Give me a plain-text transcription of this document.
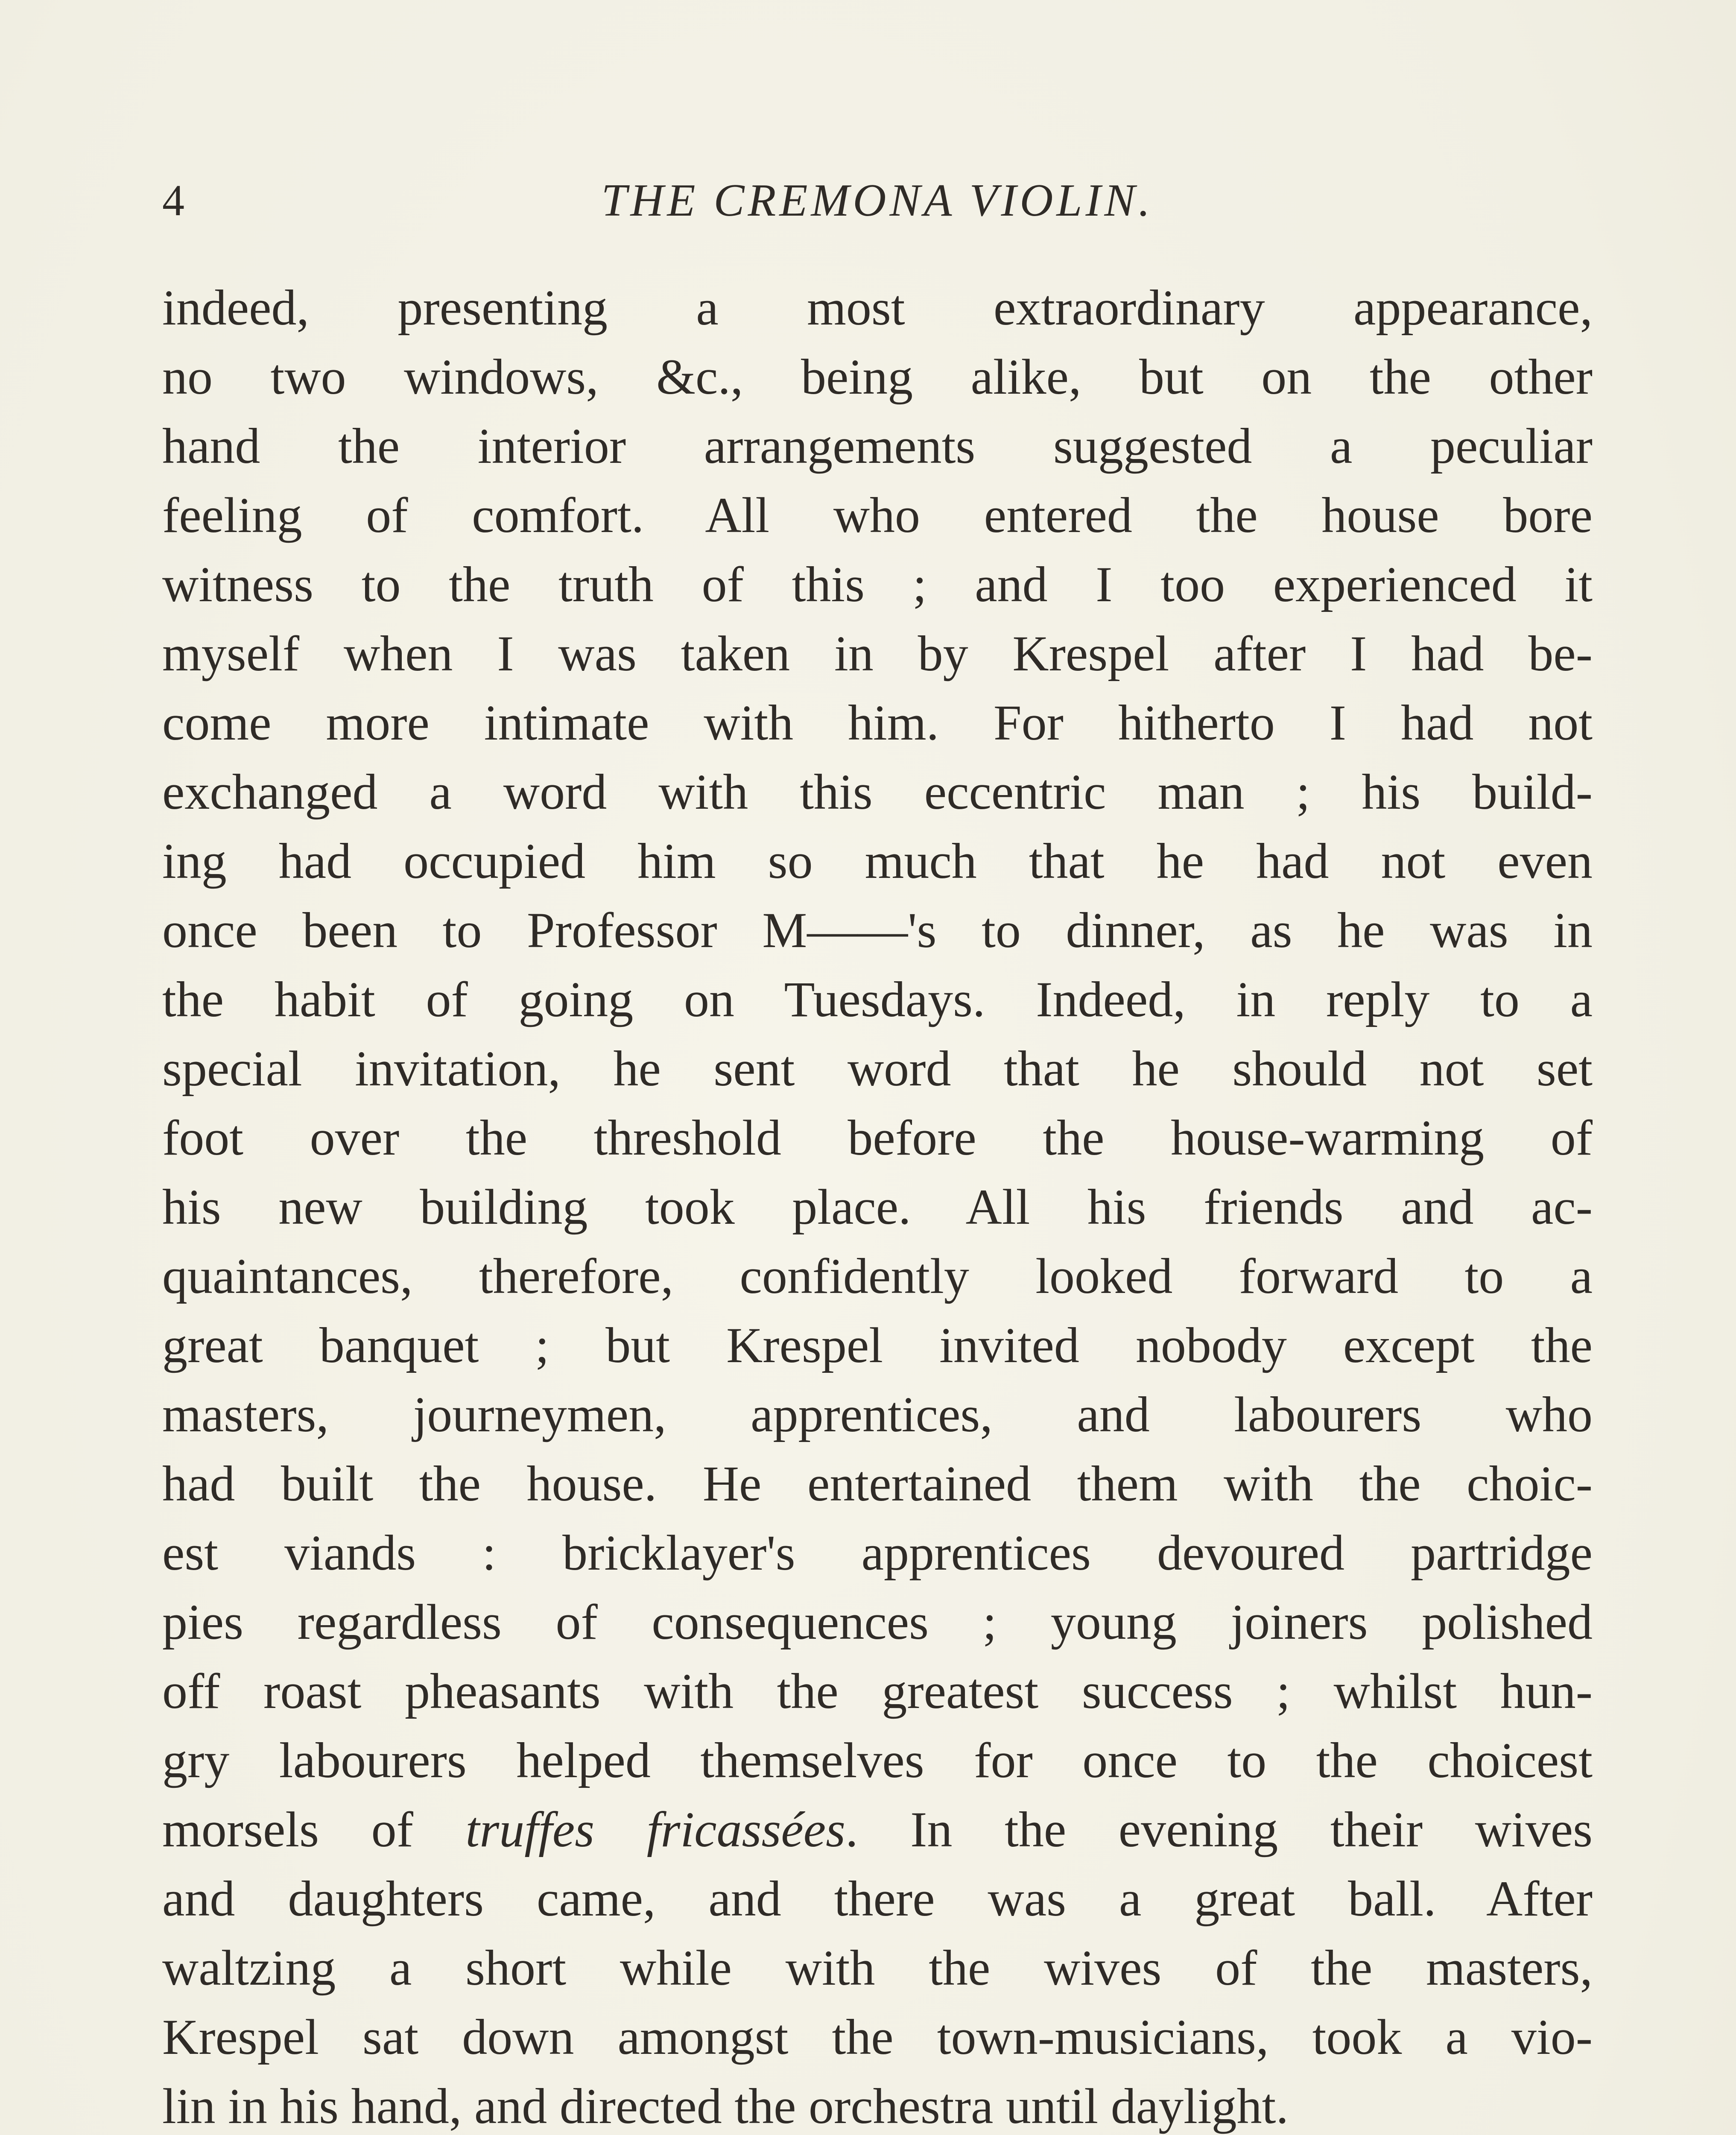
4	THE CREMONA VIOLIN.
indeed, presenting a most extraordinary appearance,
no two windows, &c., being alike, but on the other
hand the interior arrangements suggested a peculiar
feeling of comfort. All who entered the house bore
witness to the truth of this ; and I too experienced it
myself when I was taken in by Krespel after I had be-
come more intimate with him. For hitherto I had not
exchanged a word with this eccentric man ; his build-
ing had occupied him so much that he had not even
once been to Professor M——'s to dinner, as he was in
the habit of going on Tuesdays. Indeed, in reply to a
special invitation, he sent word that he should not set
foot over the threshold before the house-warming of
his new building took place. All his friends and ac-
quaintances, therefore, confidently looked forward to a
great banquet ; but Krespel invited nobody except the
masters, journeymen, apprentices, and labourers who
had built the house. He entertained them with the choic-
est viands : bricklayer's apprentices devoured partridge
pies regardless of consequences ; young joiners polished
off roast pheasants with the greatest success ; whilst hun-
gry labourers helped themselves for once to the choicest
morsels of truffes fricassées. In the evening their wives
and daughters came, and there was a great ball. After
waltzing a short while with the wives of the masters,
Krespel sat down amongst the town-musicians, took a vio-
lin in his hand, and directed the orchestra until daylight.
